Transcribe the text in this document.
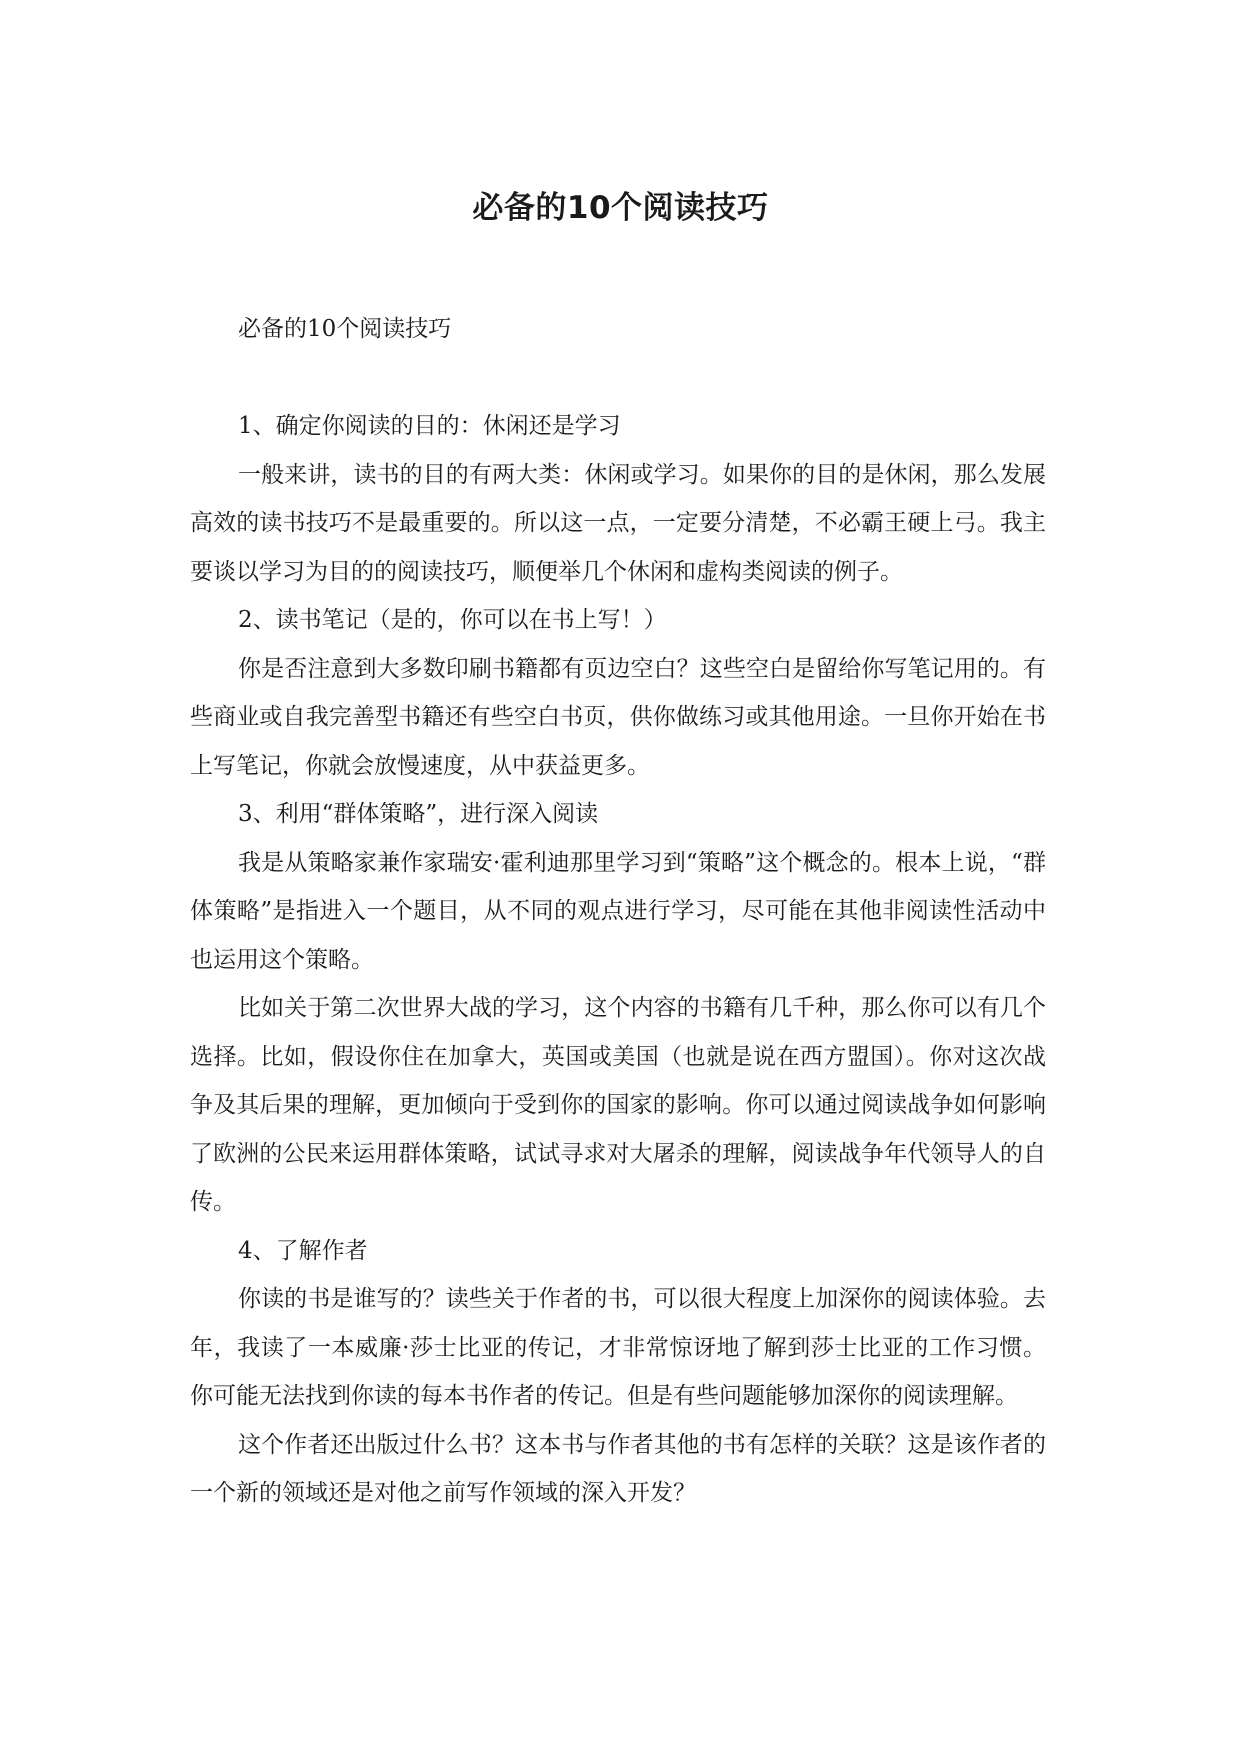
必备的10个阅读技巧

必备的10个阅读技巧

1、确定你阅读的目的：休闲还是学习

一般来讲，读书的目的有两大类：休闲或学习。如果你的目的是休闲，那么发展高效的读书技巧不是最重要的。所以这一点，一定要分清楚，不必霸王硬上弓。我主要谈以学习为目的的阅读技巧，顺便举几个休闲和虚构类阅读的例子。

2、读书笔记（是的，你可以在书上写！）

你是否注意到大多数印刷书籍都有页边空白？这些空白是留给你写笔记用的。有些商业或自我完善型书籍还有些空白书页，供你做练习或其他用途。一旦你开始在书上写笔记，你就会放慢速度，从中获益更多。

3、利用“群体策略”，进行深入阅读

我是从策略家兼作家瑞安·霍利迪那里学习到“策略”这个概念的。根本上说，“群体策略”是指进入一个题目，从不同的观点进行学习，尽可能在其他非阅读性活动中也运用这个策略。

比如关于第二次世界大战的学习，这个内容的书籍有几千种，那么你可以有几个选择。比如，假设你住在加拿大，英国或美国（也就是说在西方盟国）。你对这次战争及其后果的理解，更加倾向于受到你的国家的影响。你可以通过阅读战争如何影响了欧洲的公民来运用群体策略，试试寻求对大屠杀的理解，阅读战争年代领导人的自传。

4、了解作者

你读的书是谁写的？读些关于作者的书，可以很大程度上加深你的阅读体验。去年，我读了一本威廉·莎士比亚的传记，才非常惊讶地了解到莎士比亚的工作习惯。你可能无法找到你读的每本书作者的传记。但是有些问题能够加深你的阅读理解。

这个作者还出版过什么书？这本书与作者其他的书有怎样的关联？这是该作者的一个新的领域还是对他之前写作领域的深入开发？
